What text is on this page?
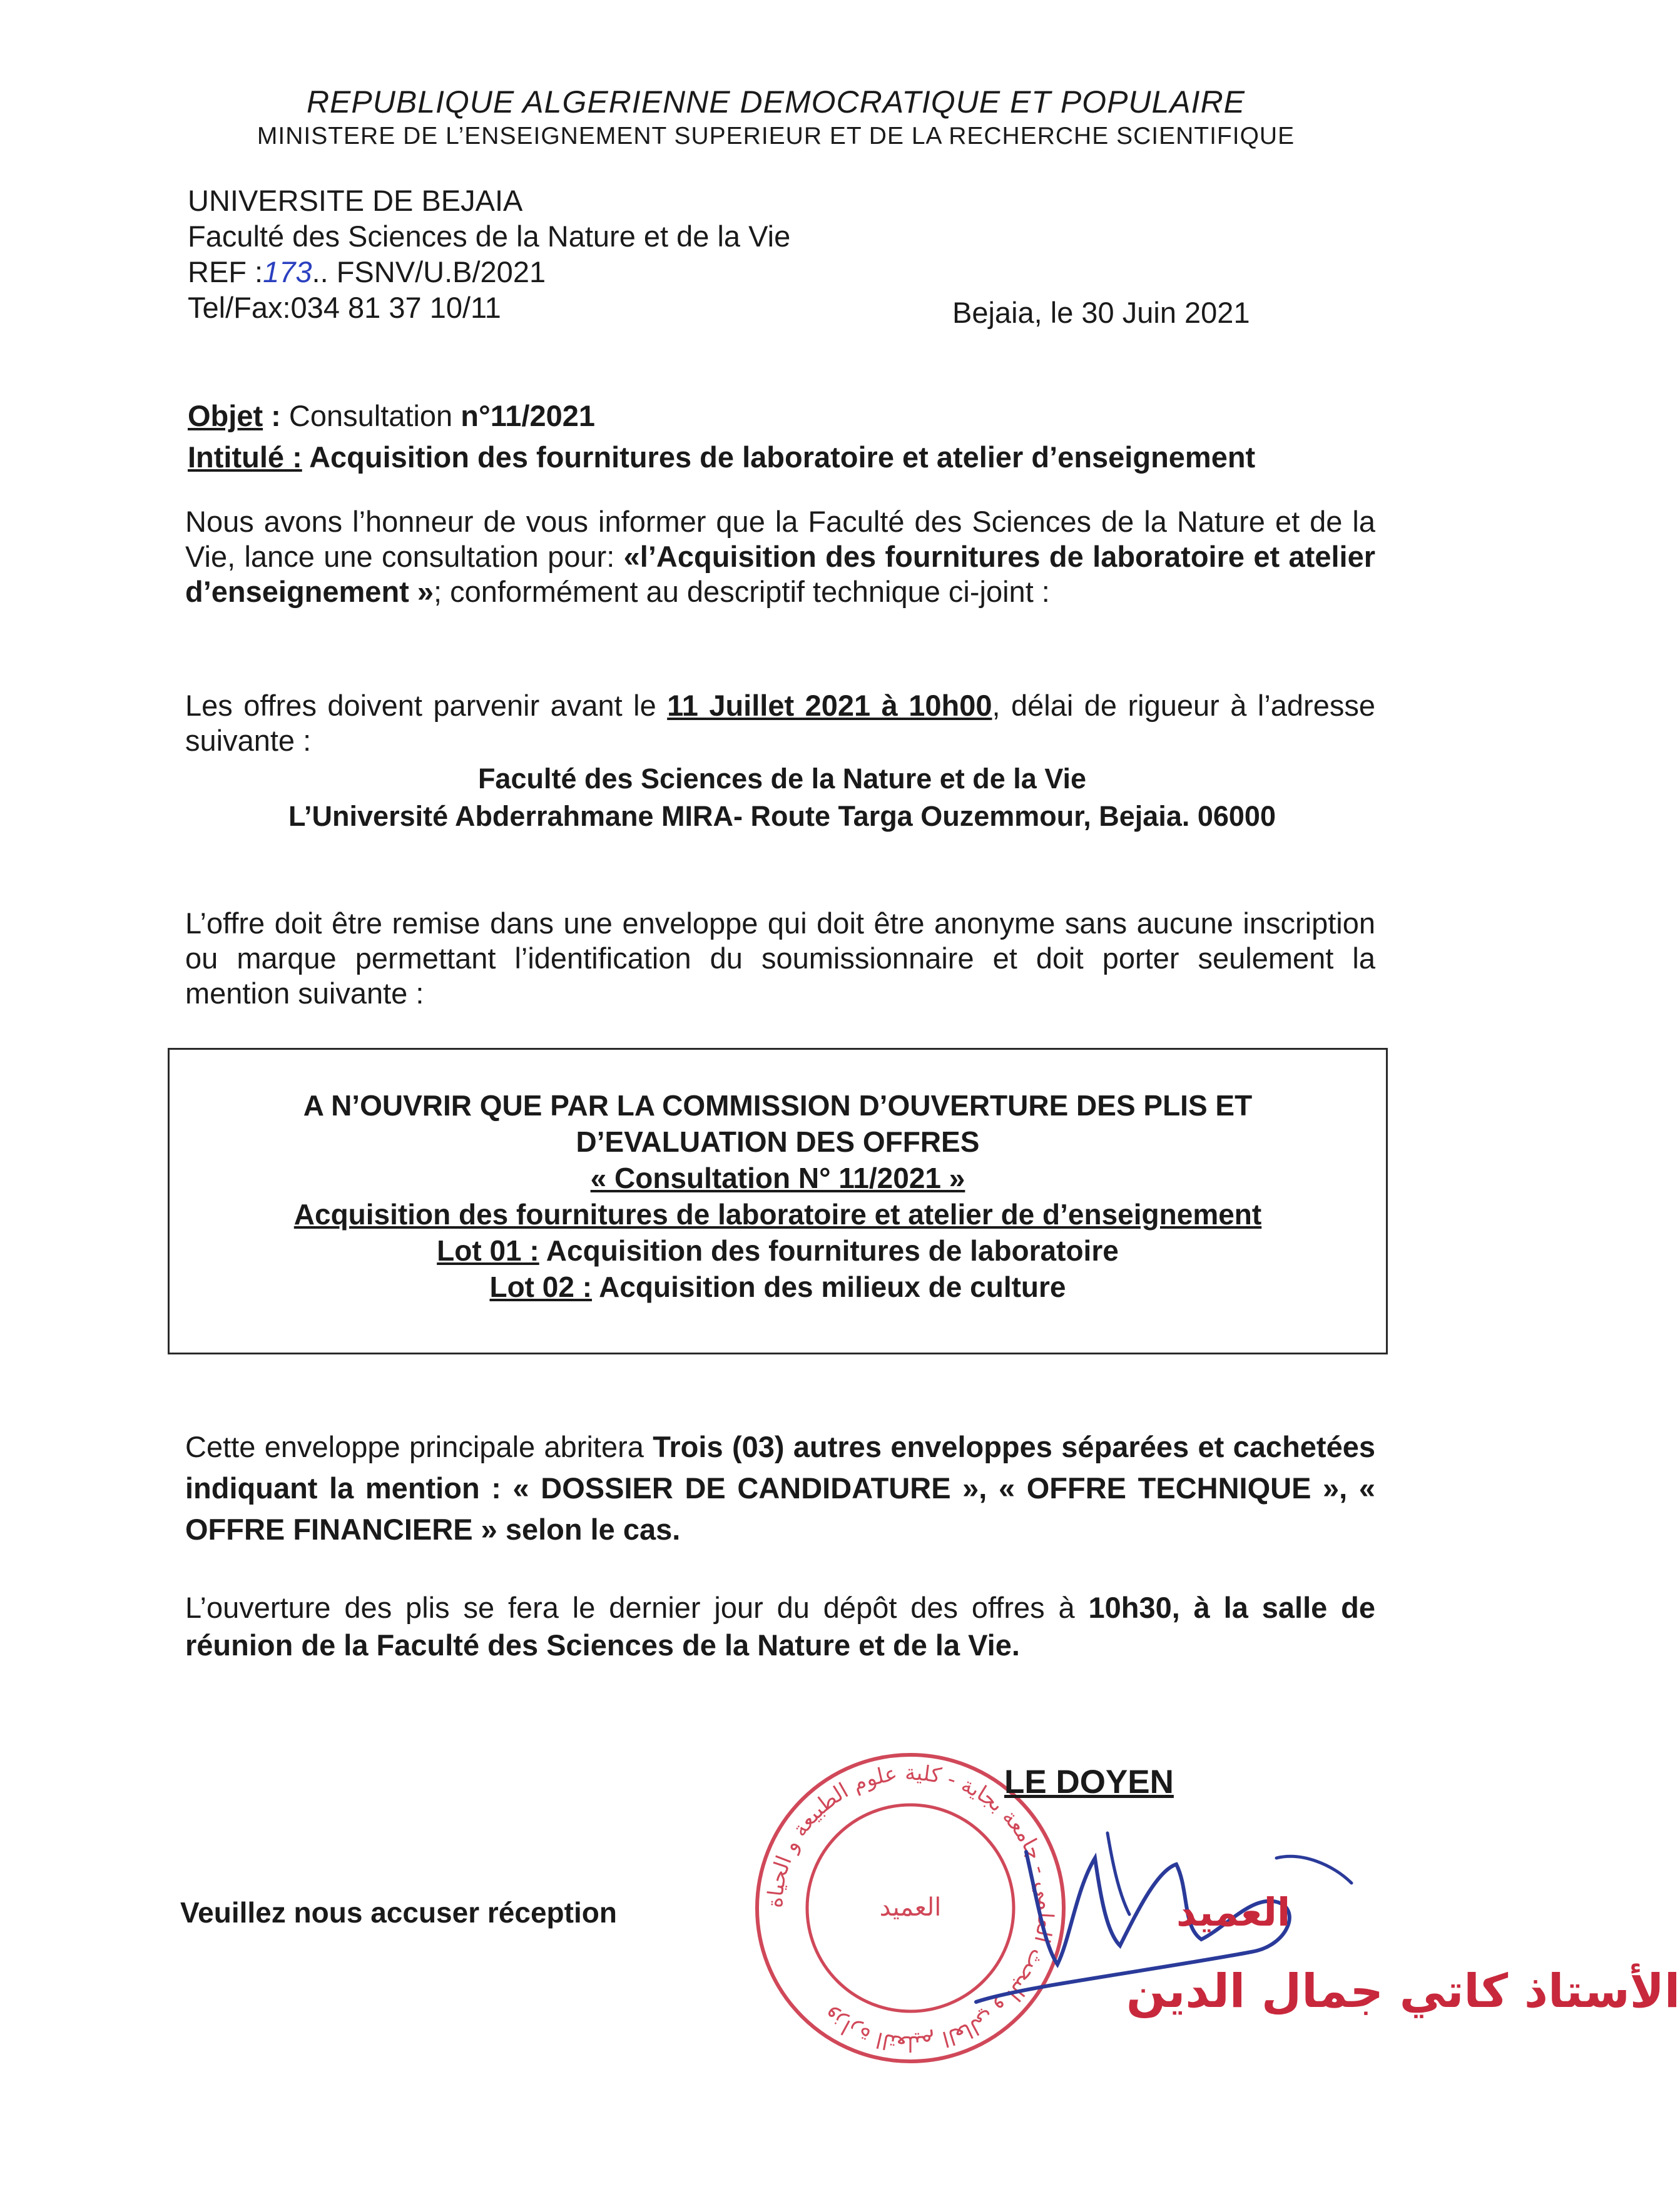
REPUBLIQUE ALGERIENNE DEMOCRATIQUE ET POPULAIRE
MINISTERE DE L’ENSEIGNEMENT SUPERIEUR ET DE LA RECHERCHE SCIENTIFIQUE
UNIVERSITE DE BEJAIA
Faculté des Sciences de la Nature et de la Vie
REF :173.. FSNV/U.B/2021
Tel/Fax:034 81 37 10/11	Bejaia, le 30 Juin 2021
Objet : Consultation n°11/2021
Intitulé : Acquisition des fournitures de laboratoire et atelier d’enseignement
Nous avons l’honneur de vous informer que la Faculté des Sciences de la Nature et de la Vie, lance une consultation pour: «l’Acquisition des fournitures de laboratoire et atelier d’enseignement »; conformément au descriptif technique ci-joint :
Les offres doivent parvenir avant le 11 Juillet 2021 à 10h00, délai de rigueur à l’adresse suivante :
Faculté des Sciences de la Nature et de la Vie
L’Université Abderrahmane MIRA- Route Targa Ouzemmour, Bejaia. 06000
L’offre doit être remise dans une enveloppe qui doit être anonyme sans aucune inscription ou marque permettant l’identification du soumissionnaire et doit porter seulement la mention suivante :
A N’OUVRIR QUE PAR LA COMMISSION D’OUVERTURE DES PLIS ET
D’EVALUATION DES OFFRES
« Consultation N° 11/2021 »
Acquisition des fournitures de laboratoire et atelier de d’enseignement
Lot 01 : Acquisition des fournitures de laboratoire
Lot 02 : Acquisition des milieux de culture
Cette enveloppe principale abritera Trois (03) autres enveloppes séparées et cachetées indiquant la mention : « DOSSIER DE CANDIDATURE », « OFFRE TECHNIQUE », « OFFRE FINANCIERE » selon le cas.
L’ouverture des plis se fera le dernier jour du dépôt des offres à 10h30, à la salle de réunion de la Faculté des Sciences de la Nature et de la Vie.
وزارة التعليم العالي و البحث العلمي - جامعة بجاية - كلية علوم الطبيعة و الحياة
العميد	العميد
الأستاذ كاتي جمال الدين
LE DOYEN
Veuillez nous accuser réception
